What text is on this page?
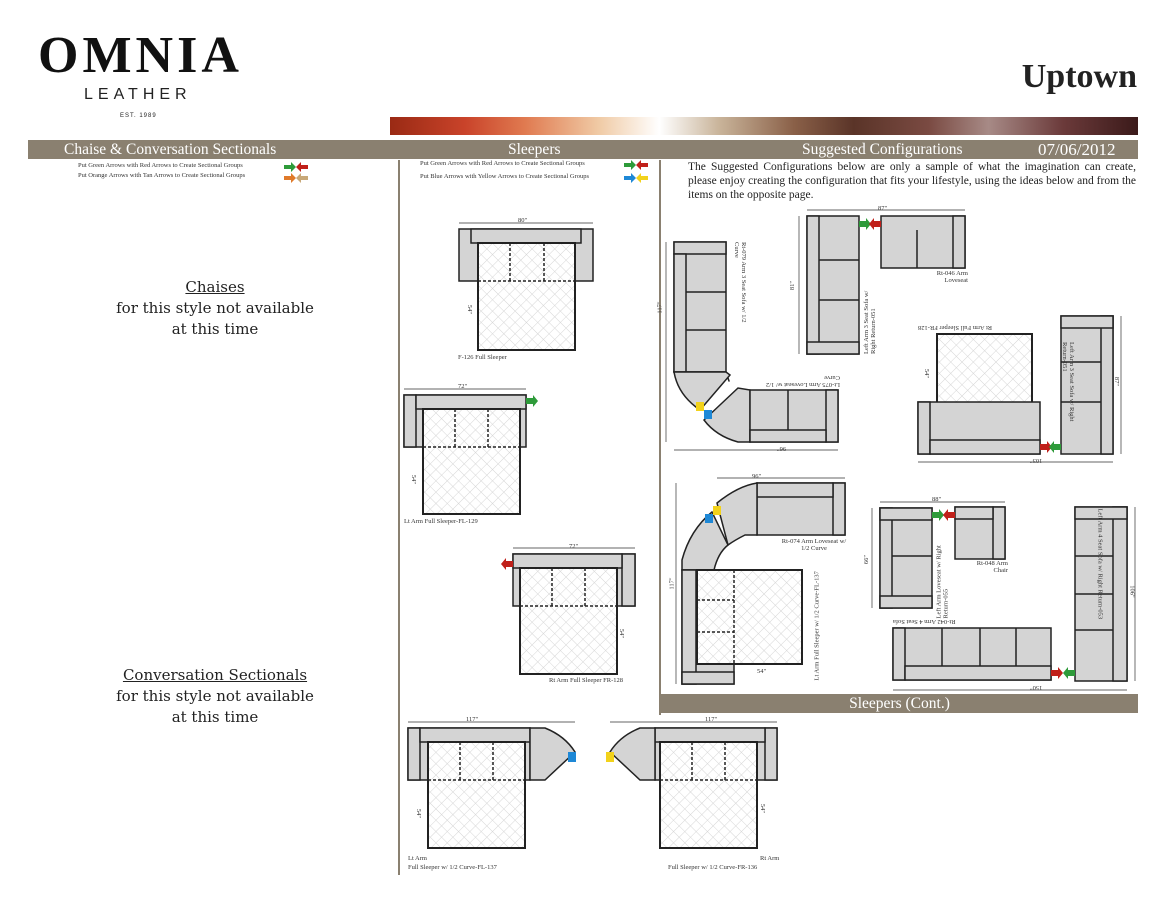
OMNIA
LEATHER
EST. 1989
Uptown
Chaise & Conversation Sectionals	Sleepers	Suggested Configurations	07/06/2012
Put Green Arrows with Red Arrows to Create Sectional Groups
Put Orange Arrows with Tan Arrows to Create Sectional Groups
Put Green Arrows with Red Arrows to Create Sectional Groups
Put Blue Arrows with Yellow Arrows to Create Sectional Groups
The Suggested Configurations below are only a sample of what the imagination can create, please enjoy creating the configuration that fits your lifestyle, using the ideas below and from the items on the opposite page.
Chaises
for this style not available
at this time
Conversation Sectionals
for this style not available
at this time
Sleepers (Cont.)
80"
54"
F-126 Full Sleeper
72"
54"
Lt Arm Full Sleeper-FL-129
72"
54"
Rt Arm Full Sleeper FR-128
117"
54"
Lt Arm
Full Sleeper w/ 1/2 Curve-FL-137
117"
54"
Rt Arm
Full Sleeper w/ 1/2 Curve-FR-136
Rt-079 Arm 3 Seat Sofa w/ 1/2 Curve
Lt-075 Arm Loveseat w/ 1/2 Curve
117"
96"
87"
81"
Left Arm 3 Seat Sofa w/ Right Return-051
Rt-046 Arm Loveseat
Rt Arm Full Sleeper FR-128
Left Arm 3 Seat Sofa w/ Right Return-051
103"
87"
54"
96"
117"
Rt-074 Arm Loveseat w/ 1/2 Curve
Lt Arm Full Sleeper w/ 1/2 Curve-FL-137
54"
88"
66"	Left Arm Loveseat w/ Right Return-055
Rt-048 Arm Chair
Rt-042 Arm 4 Seat Sofa
Left Arm 4 Seat Sofa w/ Right Return-053
150"
106"
